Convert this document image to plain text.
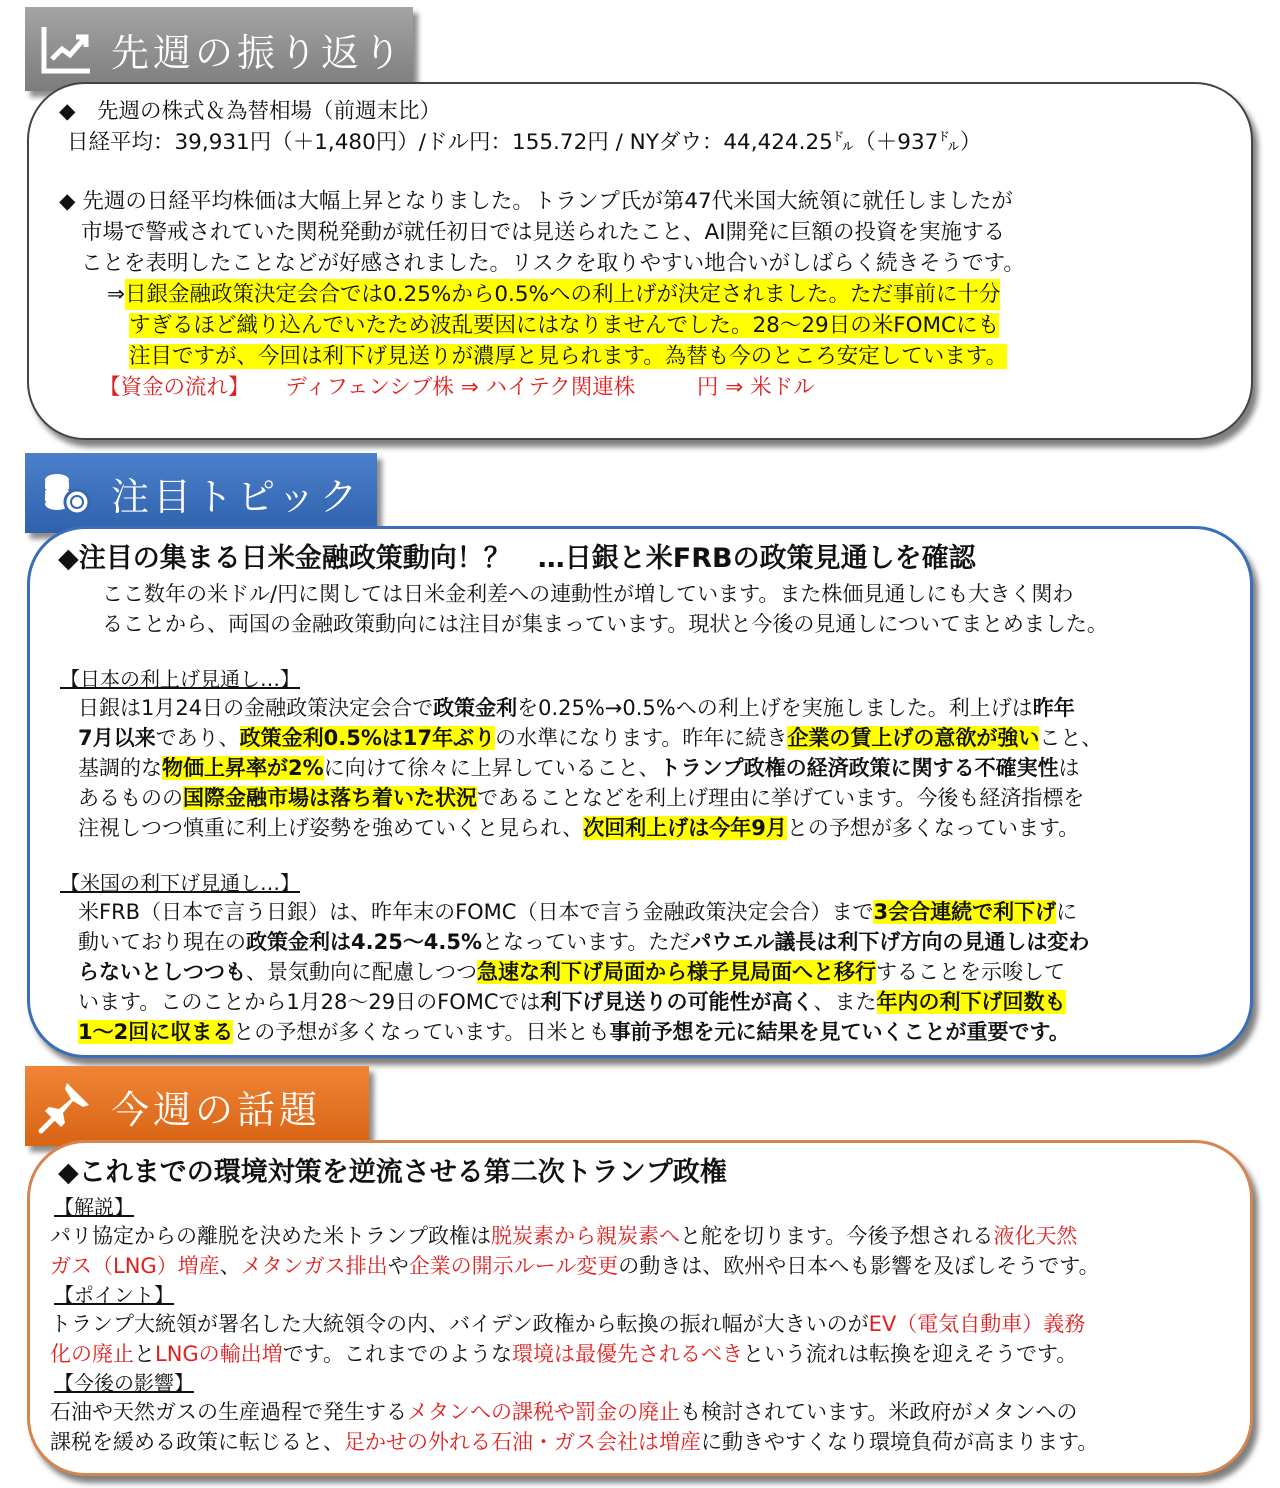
先週の振り返り
◆　先週の株式＆為替相場（前週末比）
日経平均：39,931円（＋1,480円）/ドル円：155.72円 / NYダウ：44,424.25㌦（＋937㌦）
◆ 先週の日経平均株価は大幅上昇となりました。トランプ氏が第47代米国大統領に就任しましたが
市場で警戒されていた関税発動が就任初日では見送られたこと、AI開発に巨額の投資を実施する
ことを表明したことなどが好感されました。リスクを取りやすい地合いがしばらく続きそうです。
⇒ 日銀金融政策決定会合では0.25%から0.5%への利上げが決定されました。ただ事前に十分
すぎるほど織り込んでいたため波乱要因にはなりませんでした。28～29日の米FOMCにも
注目ですが、今回は利下げ見送りが濃厚と見られます。為替も今のところ安定しています。
【資金の流れ】 ディフェンシブ株 ⇒ ハイテク関連株	円 ⇒ 米ドル
注目トピック
◆注目の集まる日米金融政策動向！？　…日銀と米FRBの政策見通しを確認
ここ数年の米ドル/円に関しては日米金利差への連動性が増しています。また株価見通しにも大きく関わ
ることから、両国の金融政策動向には注目が集まっています。現状と今後の見通しについてまとめました。
【日本の利上げ見通し…】
日銀は1月24日の金融政策決定会合で政策金利を0.25%→0.5%への利上げを実施しました。利上げは昨年
7月以来であり、政策金利0.5%は17年ぶりの水準になります。昨年に続き企業の賃上げの意欲が強いこと、
基調的な物価上昇率が2%に向けて徐々に上昇していること、トランプ政権の経済政策に関する不確実性は
あるものの国際金融市場は落ち着いた状況であることなどを利上げ理由に挙げています。今後も経済指標を
注視しつつ慎重に利上げ姿勢を強めていくと見られ、次回利上げは今年9月との予想が多くなっています。
【米国の利下げ見通し…】
米FRB（日本で言う日銀）は、昨年末のFOMC（日本で言う金融政策決定会合）まで3会合連続で利下げに
動いており現在の政策金利は4.25～4.5%となっています。ただパウエル議長は利下げ方向の見通しは変わ
らないとしつつも、景気動向に配慮しつつ急速な利下げ局面から様子見局面へと移行することを示唆して
います。このことから1月28～29日のFOMCでは利下げ見送りの可能性が高く、また年内の利下げ回数も
1～2回に収まるとの予想が多くなっています。日米とも事前予想を元に結果を見ていくことが重要です。
今週の話題
◆これまでの環境対策を逆流させる第二次トランプ政権
【解説】
パリ協定からの離脱を決めた米トランプ政権は脱炭素から親炭素へと舵を切ります。今後予想される液化天然
ガス（LNG）増産、メタンガス排出や企業の開示ルール変更の動きは、欧州や日本へも影響を及ぼしそうです。
【ポイント】
トランプ大統領が署名した大統領令の内、バイデン政権から転換の振れ幅が大きいのがEV（電気自動車）義務
化の廃止とLNGの輸出増です。これまでのような環境は最優先されるべきという流れは転換を迎えそうです。
【今後の影響】
石油や天然ガスの生産過程で発生するメタンへの課税や罰金の廃止も検討されています。米政府がメタンへの
課税を緩める政策に転じると、足かせの外れる石油・ガス会社は増産に動きやすくなり環境負荷が高まります。
